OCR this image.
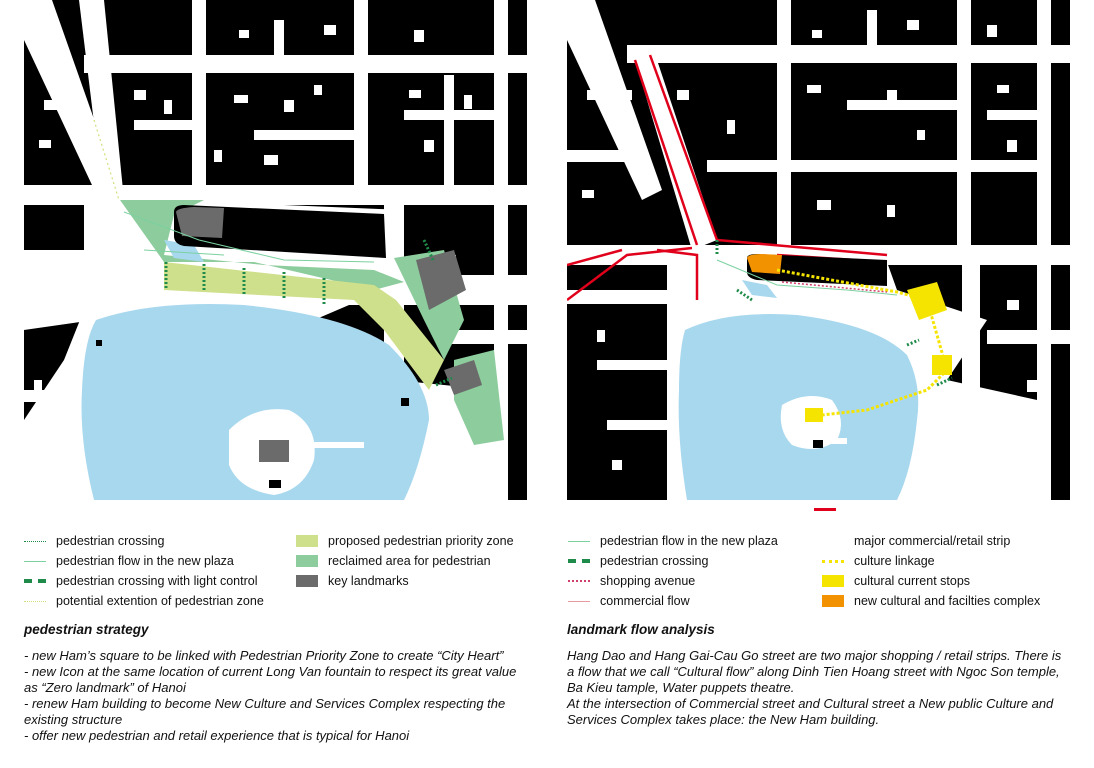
pedestrian crossing
pedestrian flow in the new plaza
pedestrian crossing with light control
potential extention of pedestrian zone
proposed pedestrian priority zone
reclaimed area for pedestrian
key landmarks
pedestrian strategy

- new Ham’s square to be linked with Pedestrian Priority Zone to create “City Heart”

- new Icon at the same location of current Long Van fountain to respect its great value as “Zero landmark” of Hanoi

- renew Ham building to become New Culture and Services Complex respecting the existing structure

- offer new pedestrian and retail experience that is typical for Hanoi

pedestrian flow in the new plaza
pedestrian crossing
shopping avenue
commercial flow
major commercial/retail strip
culture linkage
cultural current stops
new cultural and facilties complex
landmark flow analysis

Hang Dao and Hang Gai-Cau Go street are two major shopping / retail strips. There is a flow that we call “Cultural flow” along Dinh Tien Hoang street with Ngoc Son temple, Ba Kieu tample, Water puppets theatre.

At the intersection of Commercial street and Cultural street a New public Culture and Services Complex takes place: the New Ham building.
